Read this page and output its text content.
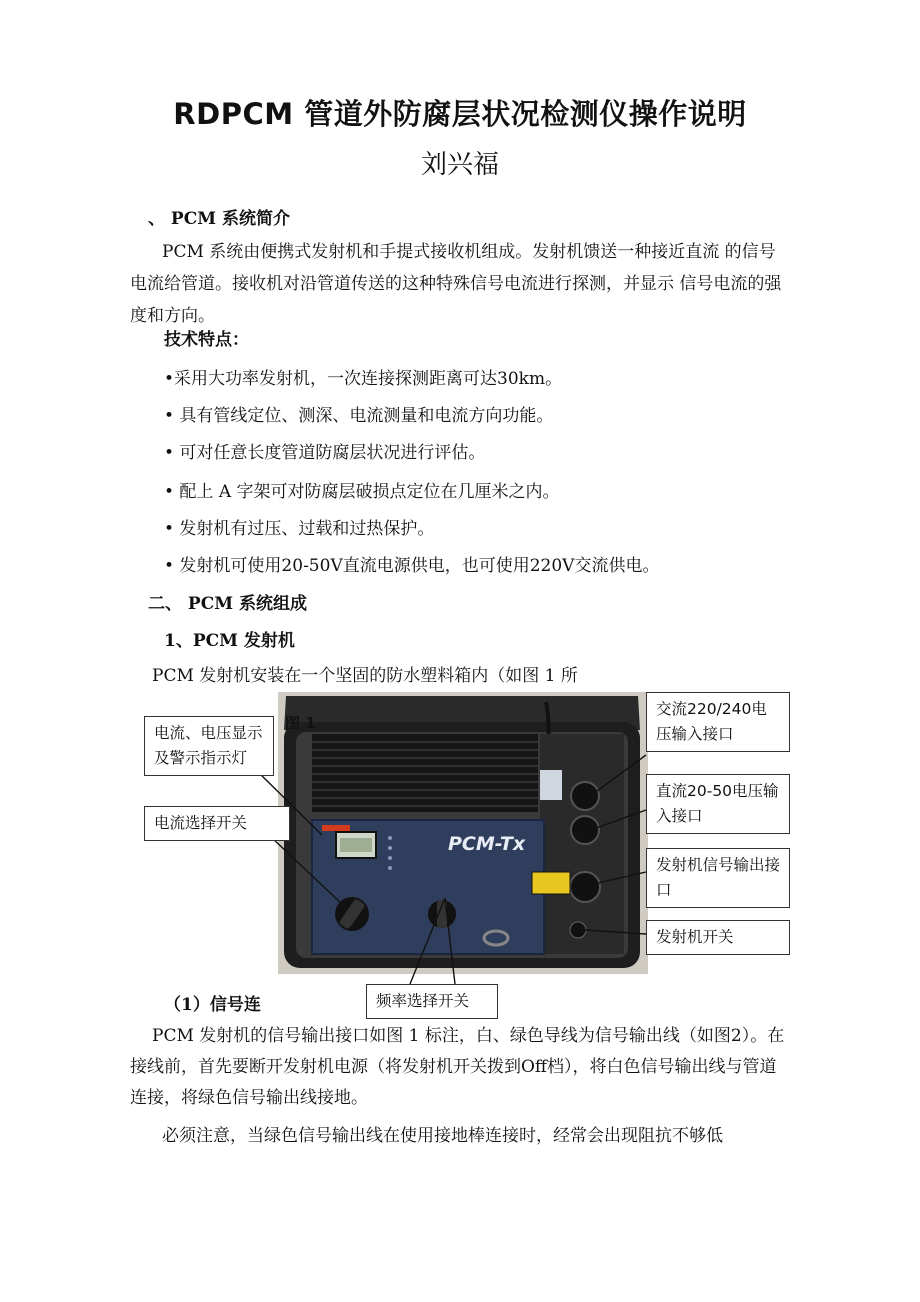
RDPCM 管道外防腐层状况检测仪操作说明
刘兴福
、 PCM 系统简介
PCM 系统由便携式发射机和手提式接收机组成。发射机馈送一种接近直流 的信号电流给管道。接收机对沿管道传送的这种特殊信号电流进行探测，并显示 信号电流的强度和方向。
技术特点：
•采用大功率发射机，一次连接探测距离可达30km。
• 具有管线定位、测深、电流测量和电流方向功能。
• 可对任意长度管道防腐层状况进行评估。
• 配上 A 字架可对防腐层破损点定位在几厘米之内。
• 发射机有过压、过载和过热保护。
• 发射机可使用20-50V直流电源供电，也可使用220V交流供电。
二、 PCM 系统组成
1、PCM 发射机
PCM 发射机安装在一个坚固的防水塑料箱内（如图 1 所
PCM-Tx
图 1
电流、电压显示及警示指示灯
电流选择开关
交流220/240电压输入接口
直流20-50电压输入接口
发射机信号输出接口
发射机开关
频率选择开关
（1）信号连
PCM 发射机的信号输出接口如图 1 标注，白、绿色导线为信号输出线（如图2）。在接线前，首先要断开发射机电源（将发射机开关拨到Off档），将白色信号输出线与管道连接，将绿色信号输出线接地。
必须注意，当绿色信号输出线在使用接地棒连接时，经常会出现阻抗不够低
